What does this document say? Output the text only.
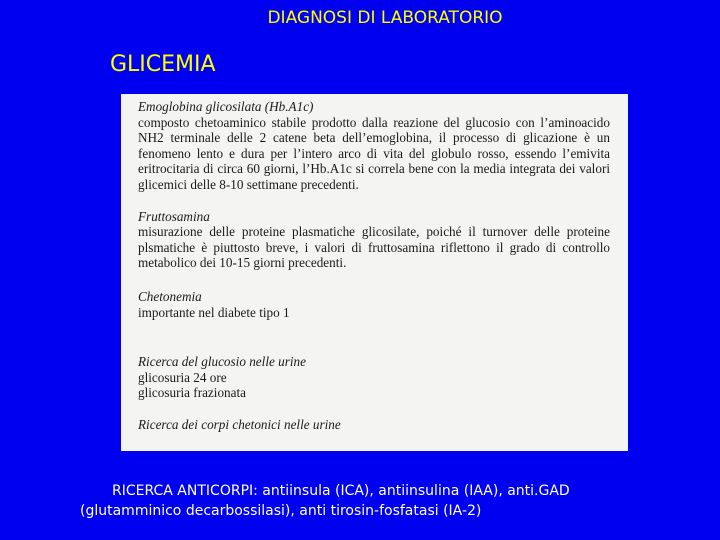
DIAGNOSI DI LABORATORIO
GLICEMIA

Emoglobina glicosilata (Hb.A1c)

composto chetoaminico stabile prodotto dalla reazione del glucosio con l’aminoacido NH2 terminale delle 2 catene beta dell’emoglobina, il processo di glicazione è un fenomeno lento e dura per l’intero arco di vita del globulo rosso, essendo l’emivita eritrocitaria di circa 60 giorni, l’Hb.A1c si correla bene con la media integrata dei valori glicemici delle 8-10 settimane precedenti.

Fruttosamina

misurazione delle proteine plasmatiche glicosilate, poiché il turnover delle proteine plsmatiche è piuttosto breve, i valori di fruttosamina riflettono il grado di controllo metabolico dei 10-15 giorni precedenti.

Chetonemia

importante nel diabete tipo 1

Ricerca del glucosio nelle urine

glicosuria 24 ore

glicosuria frazionata

Ricerca dei corpi chetonici nelle urine

RICERCA ANTICORPI: antiinsula (ICA), antiinsulina (IAA), anti.GAD
(glutamminico decarbossilasi), anti tirosin-fosfatasi (IA-2)
